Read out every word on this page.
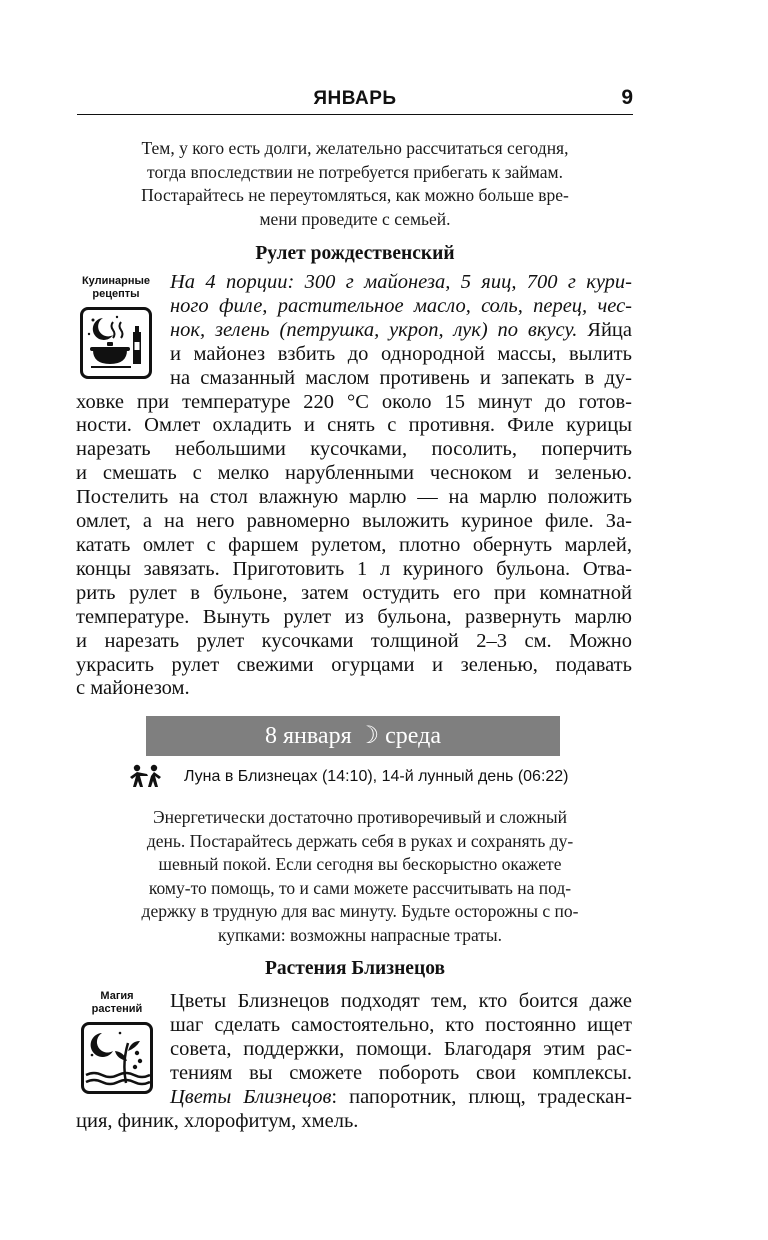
ЯНВАРЬ	9
Тем, у кого есть долги, желательно рассчитаться сегодня,
тогда впоследствии не потребуется прибегать к займам.
Постарайтесь не переутомляться, как можно больше вре-
мени проведите с семьей.
Рулет рождественский
Кулинарные
рецепты
На 4 порции: 300 г майонеза, 5 яиц, 700 г кури-
ного филе, растительное масло, соль, перец, чес-
нок, зелень (петрушка, укроп, лук) по вкусу. Яйца
и майонез взбить до однородной массы, вылить
на смазанный маслом противень и запекать в ду-
ховке при температуре 220 °С около 15 минут до готов-
ности. Омлет охладить и снять с противня. Филе курицы
нарезать небольшими кусочками, посолить, поперчить
и смешать с мелко нарубленными чесноком и зеленью.
Постелить на стол влажную марлю — на марлю положить
омлет, а на него равномерно выложить куриное филе. За-
катать омлет с фаршем рулетом, плотно обернуть марлей,
концы завязать. Приготовить 1 л куриного бульона. Отва-
рить рулет в бульоне, затем остудить его при комнатной
температуре. Вынуть рулет из бульона, развернуть марлю
и нарезать рулет кусочками толщиной 2–3 см. Можно
украсить рулет свежими огурцами и зеленью, подавать
с майонезом.
8 января ☽ среда
Луна в Близнецах (14:10), 14-й лунный день (06:22)
Энергетически достаточно противоречивый и сложный
день. Постарайтесь держать себя в руках и сохранять ду-
шевный покой. Если сегодня вы бескорыстно окажете
кому-то помощь, то и сами можете рассчитывать на под-
держку в трудную для вас минуту. Будьте осторожны с по-
купками: возможны напрасные траты.
Растения Близнецов
Магия
растений	Цветы Близнецов подходят тем, кто боится даже
шаг сделать самостоятельно, кто постоянно ищет
совета, поддержки, помощи. Благодаря этим рас-
тениям вы сможете побороть свои комплексы.
Цветы Близнецов: папоротник, плющ, традескан-
ция, финик, хлорофитум, хмель.
